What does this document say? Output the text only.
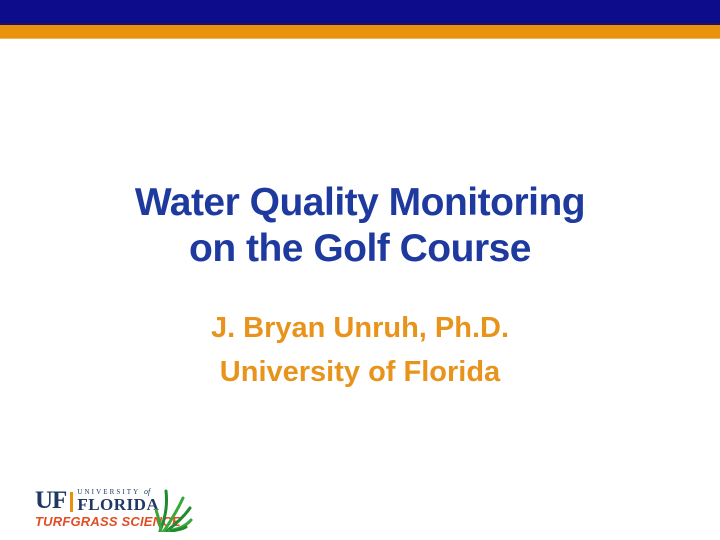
Water Quality Monitoring
on the Golf Course
J. Bryan Unruh, Ph.D.
University of Florida
UF UNIVERSITY of
FLORIDA
TURFGRASS SCIENCE
